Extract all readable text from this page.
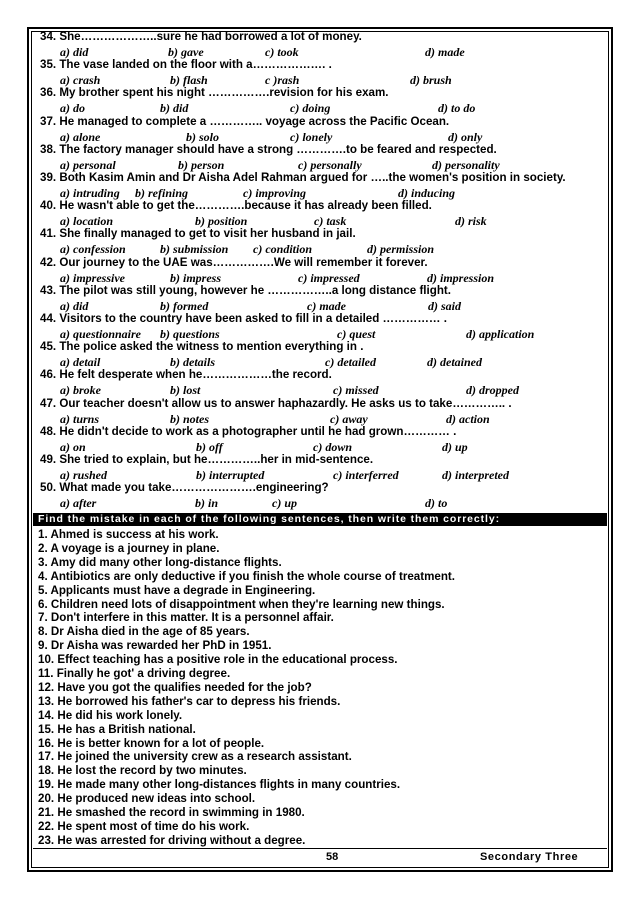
34. She………………..sure he had borrowed a lot of money.
a) did	b) gave	c) took	d) made
35. The vase landed on the floor with a………………. .
a) crash	b) flash	c )rash	d) brush
36. My brother spent his night …………….revision for his exam.
a) do	b) did	c) doing	d) to do
37. He managed to complete a ………….. voyage across the Pacific Ocean.
a) alone	b) solo	c) lonely	d) only
38. The factory manager should have a strong ………….to be feared and respected.
a) personal	b) person	c) personally	d) personality
39. Both Kasim Amin and Dr Aisha Adel Rahman argued for …..the women's position in society.
a) intruding b) refining	c) improving	d) inducing
40. He wasn't able to get the………….because it has already been filled.
a) location	b) position	c) task	d) risk
41. She finally managed to get to visit her husband in jail.
a) confession	b) submission c) condition	d) permission
42. Our journey to the UAE was…………….We will remember it forever.
a) impressive	b) impress	c) impressed	d) impression
43. The pilot was still young, however he ……………..a long distance flight.
a) did	b) formed	c) made	d) said
44. Visitors to the country have been asked to fill in a detailed …………… .
a) questionnaire b) questions	c) quest	d) application
45. The police asked the witness to mention everything in .
a) detail	b) details	c) detailed	d) detained
46. He felt desperate when he………………the record.
a) broke	b) lost	c) missed	d) dropped
47. Our teacher doesn't allow us to answer haphazardly. He asks us to take………….. .
a) turns	b) notes	c) away	d) action
48. He didn't decide to work as a photographer until he had grown………… .
a) on	b) off	c) down	d) up
49. She tried to explain, but he…………..her in mid-sentence.
a) rushed	b) interrupted	c) interferred	d) interpreted
50. What made you take………………….engineering?
a) after	b) in	c) up	d) to
Find the mistake in each of the following sentences, then write them correctly:
1. Ahmed is success at his work.
2. A voyage is a journey in plane.
3. Amy did many other long-distance flights.
4. Antibiotics are only deductive if you finish the whole course of treatment.
5. Applicants must have a degrade in Engineering.
6. Children need lots of disappointment when they're learning new things.
7. Don't interfere in this matter. It is a personnel affair.
8. Dr Aisha died in the age of 85 years.
9. Dr Aisha was rewarded her PhD in 1951.
10. Effect teaching has a positive role in the educational process.
11. Finally he got' a driving degree.
12. Have you got the qualifies needed for the job?
13. He borrowed his father's car to depress his friends.
14. He did his work lonely.
15. He has a British national.
16. He is better known for a lot of people.
17. He joined the university crew as a research assistant.
18. He lost the record by two minutes.
19. He made many other long-distances flights in many countries.
20. He produced new ideas into school.
21. He smashed the record in swimming in 1980.
22. He spent most of time do his work.
23. He was arrested for driving without a degree.
58	Secondary Three
